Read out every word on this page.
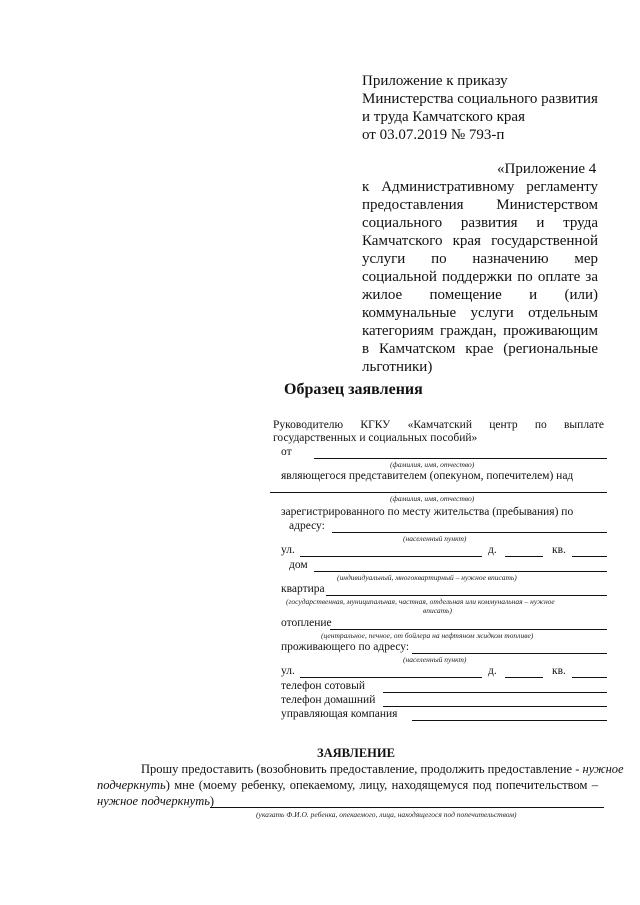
Приложение к приказу
Министерства социального развития
и труда Камчатского края
от 03.07.2019 № 793-п
«Приложение 4
к Административному регламенту
предоставления Министерством
социального развития и труда
Камчатского края государственной
услуги по назначению мер
социальной поддержки по оплате за
жилое помещение и (или)
коммунальные услуги отдельным
категориям граждан, проживающим
в Камчатском крае (региональные
льготники)
Образец заявления
Руководителю КГКУ «Камчатский центр по выплате
государственных и социальных пособий»
от
(фамилия, имя, отчество)
являющегося представителем (опекуном, попечителем) над
(фамилия, имя, отчество)
зарегистрированного по месту жительства (пребывания) по
адресу:
(населенный пункт)
ул.	д.	кв.
дом
(индивидуальный, многоквартирный – нужное вписать)
квартира
(государственная, муниципальная, частная, отдельная или коммунальная – нужное
вписать)
отопление
(центральное, печное, от бойлера на нефтяном жидком топливе)
проживающего по адресу:
(населенный пункт)
ул.	д.	кв.
телефон сотовый
телефон домашний
управляющая компания
ЗАЯВЛЕНИЕ
Прошу предоставить (возобновить предоставление, продолжить предоставление - нужное
подчеркнуть) мне (моему ребенку, опекаемому, лицу, находящемуся под попечительством –
нужное подчеркнуть)
(указать Ф.И.О. ребенка, опекаемого, лица, находящегося под попечительством)
